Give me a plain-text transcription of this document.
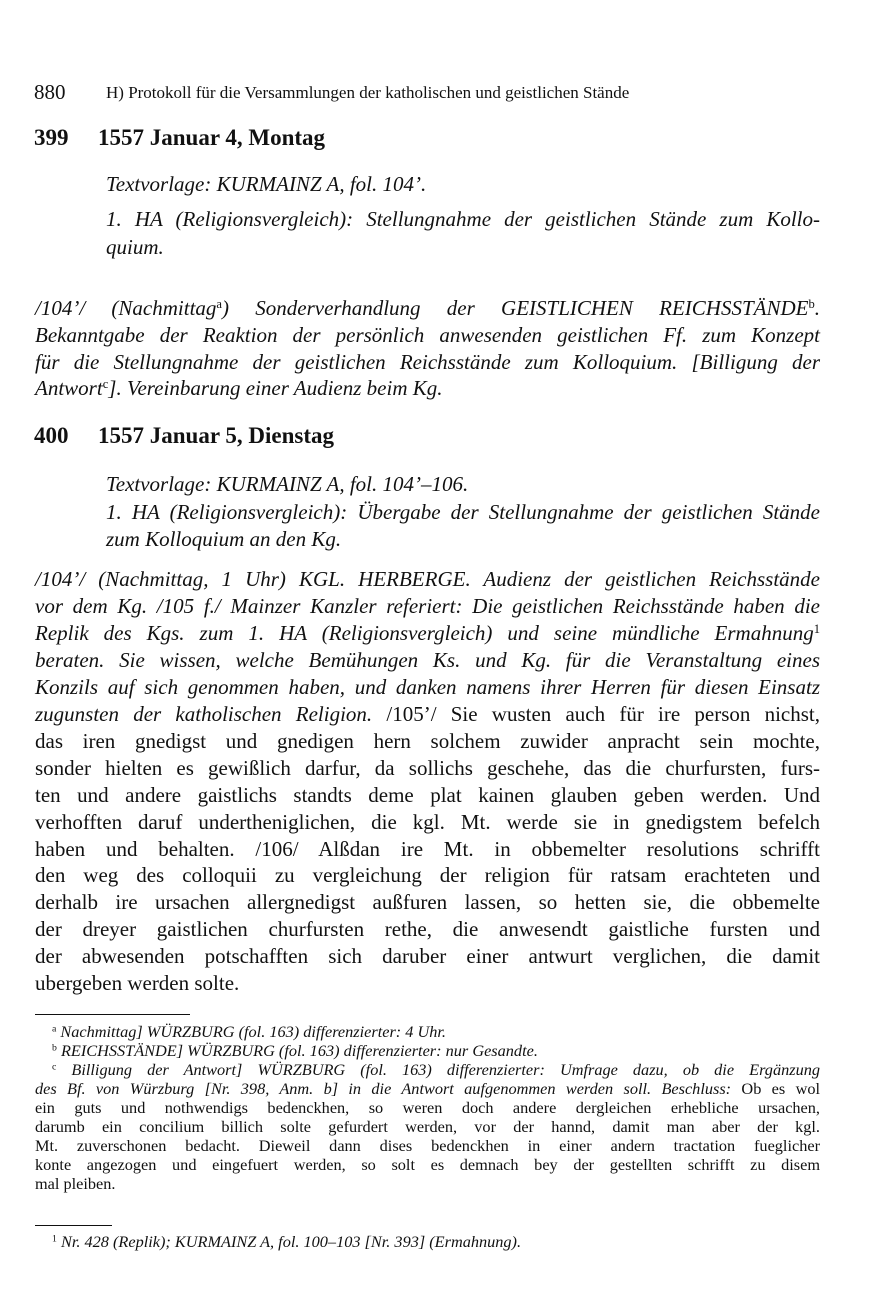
880 H) Protokoll für die Versammlungen der katholischen und geistlichen Stände
399 1557 Januar 4, Montag
400 1557 Januar 5, Dienstag
Textvorlage: KURMAINZ A, fol. 104’.
1. HA (Religionsvergleich): Stellungnahme der geistlichen Stände zum Kollo-
quium.
/104’/ (Nachmittag$^a$) Sonderverhandlung der GEISTLICHEN REICHSSTÄNDE$^b$.
Bekanntgabe der Reaktion der persönlich anwesenden geistlichen Ff. zum Konzept
für die Stellungnahme der geistlichen Reichsstände zum Kolloquium. [Billigung der
Antwort$^c$]. Vereinbarung einer Audienz beim Kg.
Textvorlage: KURMAINZ A, fol. 104’–106.
1. HA (Religionsvergleich): Übergabe der Stellungnahme der geistlichen Stände
zum Kolloquium an den Kg.
/104’/ (Nachmittag, 1 Uhr) KGL. HERBERGE. Audienz der geistlichen Reichsstände
vor dem Kg. /105 f./ Mainzer Kanzler referiert: Die geistlichen Reichsstände haben die
Replik des Kgs. zum 1. HA (Religionsvergleich) und seine mündliche Ermahnung$^1$
beraten. Sie wissen, welche Bemühungen Ks. und Kg. für die Veranstaltung eines
Konzils auf sich genommen haben, und danken namens ihrer Herren für diesen Einsatz
zugunsten der katholischen Religion. /105’/ Sie wusten auch für ire person nichst,
das iren gnedigst und gnedigen hern solchem zuwider anpracht sein mochte,
sonder hielten es gewißlich darfur, da sollichs geschehe, das die churfursten, furs-
ten und andere gaistlichs standts deme plat kainen glauben geben werden. Und
verhofften daruf undertheniglichen, die kgl. Mt. werde sie in gnedigstem befelch
haben und behalten. /106/ Alßdan ire Mt. in obbemelter resolutions schrifft
den weg des colloquii zu vergleichung der religion für ratsam erachteten und
derhalb ire ursachen allergnedigst außfuren lassen, so hetten sie, die obbemelte
der dreyer gaistlichen churfursten rethe, die anwesendt gaistliche fursten und
der abwesenden potschafften sich daruber einer antwurt verglichen, die damit
ubergeben werden solte.
$^a$ Nachmittag] WÜRZBURG (fol. 163) differenzierter: 4 Uhr.
$^b$ REICHSSTÄNDE] WÜRZBURG (fol. 163) differenzierter: nur Gesandte.
$^c$ Billigung der Antwort] WÜRZBURG (fol. 163) differenzierter: Umfrage dazu, ob die Ergänzung
des Bf. von Würzburg [Nr. 398, Anm. b] in die Antwort aufgenommen werden soll. Beschluss: Ob es wol
ein guts und nothwendigs bedenckhen, so weren doch andere dergleichen erhebliche ursachen,
darumb ein concilium billich solte gefurdert werden, vor der hannd, damit man aber der kgl.
Mt. zuverschonen bedacht. Dieweil dann dises bedenckhen in einer andern tractation fueglicher
konte angezogen und eingefuert werden, so solt es demnach bey der gestellten schrifft zu disem
mal pleiben.
$^1$ Nr. 428 (Replik); KURMAINZ A, fol. 100–103 [Nr. 393] (Ermahnung).
